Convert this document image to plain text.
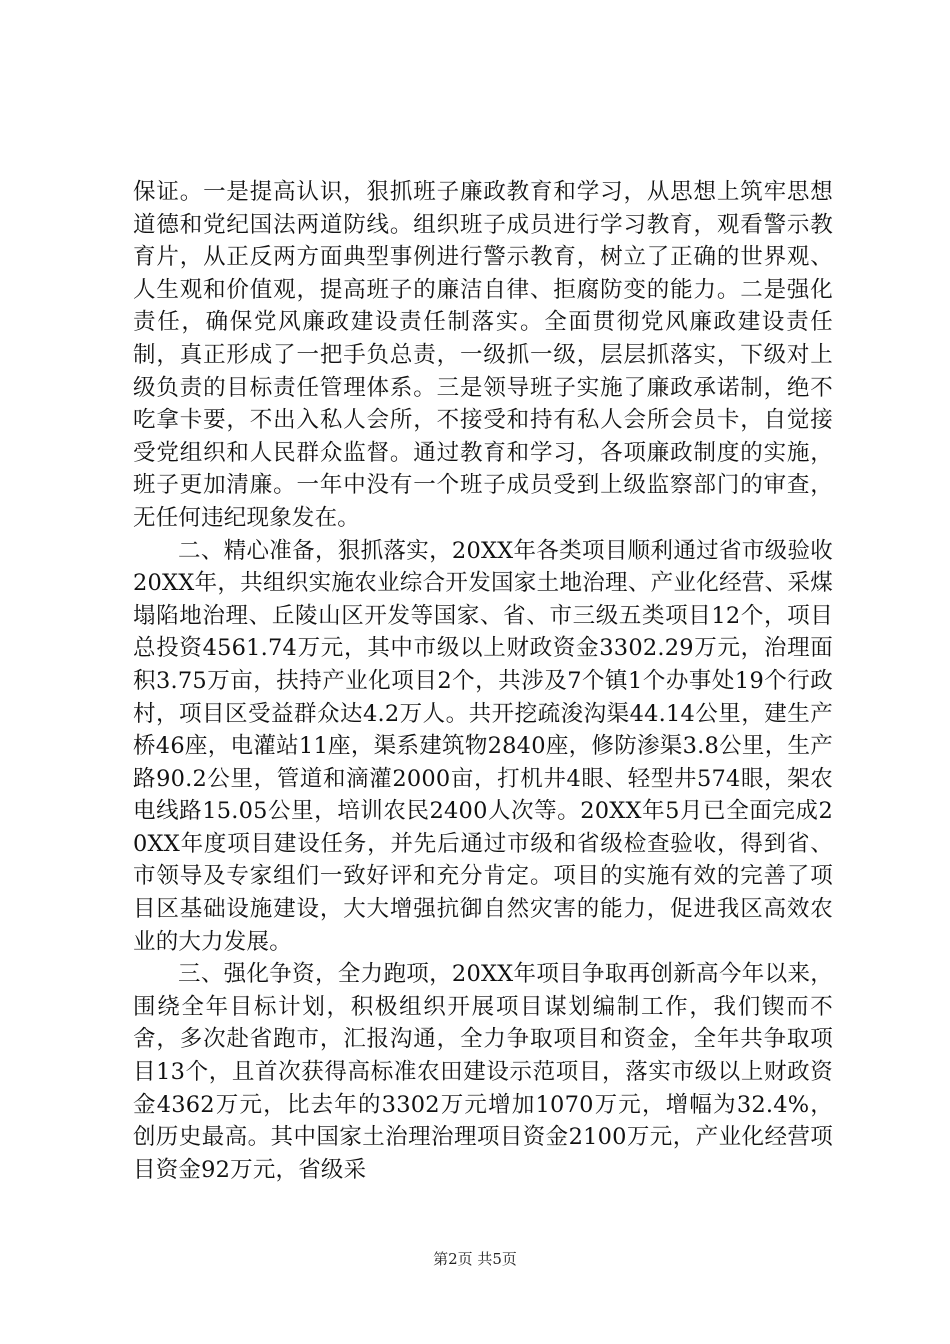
保证。一是提高认识，狠抓班子廉政教育和学习，从思想上筑牢思想道德和党纪国法两道防线。组织班子成员进行学习教育，观看警示教育片，从正反两方面典型事例进行警示教育，树立了正确的世界观、人生观和价值观，提高班子的廉洁自律、拒腐防变的能力。二是强化责任，确保党风廉政建设责任制落实。全面贯彻党风廉政建设责任制，真正形成了一把手负总责，一级抓一级，层层抓落实，下级对上级负责的目标责任管理体系。三是领导班子实施了廉政承诺制，绝不吃拿卡要，不出入私人会所，不接受和持有私人会所会员卡，自觉接受党组织和人民群众监督。通过教育和学习，各项廉政制度的实施，班子更加清廉。一年中没有一个班子成员受到上级监察部门的审查，无任何违纪现象发在。

二、精心准备，狠抓落实，20XX年各类项目顺利通过省市级验收20XX年，共组织实施农业综合开发国家土地治理、产业化经营、采煤塌陷地治理、丘陵山区开发等国家、省、市三级五类项目12个，项目总投资4561.74万元，其中市级以上财政资金3302.29万元，治理面积3.75万亩，扶持产业化项目2个，共涉及7个镇1个办事处19个行政村，项目区受益群众达4.2万人。共开挖疏浚沟渠44.14公里，建生产桥46座，电灌站11座，渠系建筑物2840座，修防渗渠3.8公里，生产路90.2公里，管道和滴灌2000亩，打机井4眼、轻型井574眼，架农电线路15.05公里，培训农民2400人次等。20XX年5月已全面完成20XX年度项目建设任务，并先后通过市级和省级检查验收，得到省、市领导及专家组们一致好评和充分肯定。项目的实施有效的完善了项目区基础设施建设，大大增强抗御自然灾害的能力，促进我区高效农业的大力发展。

三、强化争资，全力跑项，20XX年项目争取再创新高今年以来，围绕全年目标计划，积极组织开展项目谋划编制工作，我们锲而不舍，多次赴省跑市，汇报沟通，全力争取项目和资金，全年共争取项目13个，且首次获得高标准农田建设示范项目，落实市级以上财政资金4362万元，比去年的3302万元增加1070万元，增幅为32.4%，创历史最高。其中国家土治理治理项目资金2100万元，产业化经营项目资金92万元，省级采

第2页 共5页
